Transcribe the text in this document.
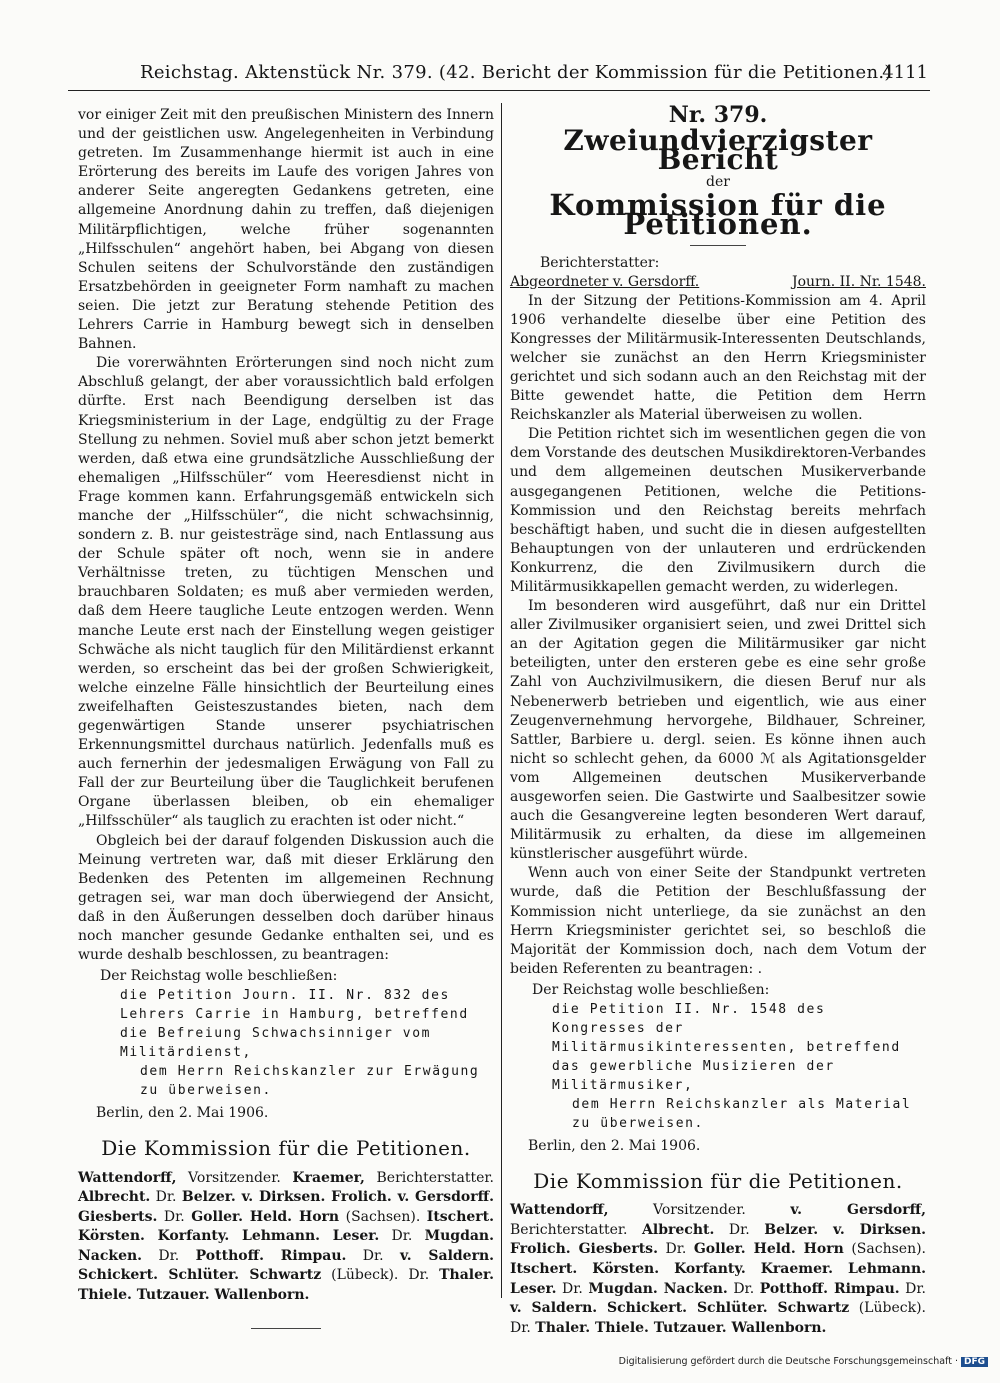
Reichstag. Aktenstück Nr. 379. (42. Bericht der Kommission für die Petitionen.)
4111

vor einiger Zeit mit den preußischen Ministern des Innern und der geistlichen usw. Angelegenheiten in Verbindung getreten. Im Zusammenhange hiermit ist auch in eine Erörterung des bereits im Laufe des vorigen Jahres von anderer Seite angeregten Gedankens getreten, eine allgemeine Anordnung dahin zu treffen, daß diejenigen Militärpflichtigen, welche früher sogenannten „Hilfsschulen“ angehört haben, bei Abgang von diesen Schulen seitens der Schulvorstände den zuständigen Ersatzbehörden in geeigneter Form namhaft zu machen seien. Die jetzt zur Beratung stehende Petition des Lehrers Carrie in Hamburg bewegt sich in denselben Bahnen.

Die vorerwähnten Erörterungen sind noch nicht zum Abschluß gelangt, der aber voraussichtlich bald erfolgen dürfte. Erst nach Beendigung derselben ist das Kriegsministerium in der Lage, endgültig zu der Frage Stellung zu nehmen. Soviel muß aber schon jetzt bemerkt werden, daß etwa eine grundsätzliche Ausschließung der ehemaligen „Hilfsschüler“ vom Heeresdienst nicht in Frage kommen kann. Erfahrungsgemäß entwickeln sich manche der „Hilfsschüler“, die nicht schwachsinnig, sondern z. B. nur geistesträge sind, nach Entlassung aus der Schule später oft noch, wenn sie in andere Verhältnisse treten, zu tüchtigen Menschen und brauchbaren Soldaten; es muß aber vermieden werden, daß dem Heere taugliche Leute entzogen werden. Wenn manche Leute erst nach der Einstellung wegen geistiger Schwäche als nicht tauglich für den Militärdienst erkannt werden, so erscheint das bei der großen Schwierigkeit, welche einzelne Fälle hinsichtlich der Beurteilung eines zweifelhaften Geisteszustandes bieten, nach dem gegenwärtigen Stande unserer psychiatrischen Erkennungsmittel durchaus natürlich. Jedenfalls muß es auch fernerhin der jedesmaligen Erwägung von Fall zu Fall der zur Beurteilung über die Tauglichkeit berufenen Organe überlassen bleiben, ob ein ehemaliger „Hilfsschüler“ als tauglich zu erachten ist oder nicht.“

Obgleich bei der darauf folgenden Diskussion auch die Meinung vertreten war, daß mit dieser Erklärung den Bedenken des Petenten im allgemeinen Rechnung getragen sei, war man doch überwiegend der Ansicht, daß in den Äußerungen desselben doch darüber hinaus noch mancher gesunde Gedanke enthalten sei, und es wurde deshalb beschlossen, zu beantragen:

Der Reichstag wolle beschließen:
die Petition Journ. II. Nr. 832 des Lehrers Carrie in Hamburg, betreffend die Befreiung Schwachsinniger vom Militärdienst,
dem Herrn Reichskanzler zur Erwägung zu überweisen.

Berlin, den 2. Mai 1906.

Die Kommission für die Petitionen.
Wattendorff, Vorsitzender. Kraemer, Berichterstatter. Albrecht. Dr. Belzer. v. Dirksen. Frolich. v. Gersdorff. Giesberts. Dr. Goller. Held. Horn (Sachsen). Itschert. Körsten. Korfanty. Lehmann. Leser. Dr. Mugdan. Nacken. Dr. Potthoff. Rimpau. Dr. v. Saldern. Schickert. Schlüter. Schwartz (Lübeck). Dr. Thaler. Thiele. Tutzauer. Wallenborn.
Nr. 379.
Zweiundvierzigster Bericht
der
Kommission für die Petitionen.
Berichterstatter:
Abgeordneter v. Gersdorff.	Journ. II. Nr. 1548.

In der Sitzung der Petitions-Kommission am 4. April 1906 verhandelte dieselbe über eine Petition des Kongresses der Militärmusik-Interessenten Deutschlands, welcher sie zunächst an den Herrn Kriegsminister gerichtet und sich sodann auch an den Reichstag mit der Bitte gewendet hatte, die Petition dem Herrn Reichskanzler als Material überweisen zu wollen.

Die Petition richtet sich im wesentlichen gegen die von dem Vorstande des deutschen Musikdirektoren-Verbandes und dem allgemeinen deutschen Musikerverbande ausgegangenen Petitionen, welche die Petitions-Kommission und den Reichstag bereits mehrfach beschäftigt haben, und sucht die in diesen aufgestellten Behauptungen von der unlauteren und erdrückenden Konkurrenz, die den Zivilmusikern durch die Militärmusikkapellen gemacht werden, zu widerlegen.

Im besonderen wird ausgeführt, daß nur ein Drittel aller Zivilmusiker organisiert seien, und zwei Drittel sich an der Agitation gegen die Militärmusiker gar nicht beteiligten, unter den ersteren gebe es eine sehr große Zahl von Auchzivilmusikern, die diesen Beruf nur als Nebenerwerb betrieben und eigentlich, wie aus einer Zeugenvernehmung hervorgehe, Bildhauer, Schreiner, Sattler, Barbiere u. dergl. seien. Es könne ihnen auch nicht so schlecht gehen, da 6000 ℳ als Agitationsgelder vom Allgemeinen deutschen Musikerverbande ausgeworfen seien. Die Gastwirte und Saalbesitzer sowie auch die Gesangvereine legten besonderen Wert darauf, Militärmusik zu erhalten, da diese im allgemeinen künstlerischer ausgeführt würde.

Wenn auch von einer Seite der Standpunkt vertreten wurde, daß die Petition der Beschlußfassung der Kommission nicht unterliege, da sie zunächst an den Herrn Kriegsminister gerichtet sei, so beschloß die Majorität der Kommission doch, nach dem Votum der beiden Referenten zu beantragen: .

Der Reichstag wolle beschließen:
die Petition II. Nr. 1548 des Kongresses der Militärmusikinteressenten, betreffend das gewerbliche Musizieren der Militärmusiker,
dem Herrn Reichskanzler als Material zu überweisen.

Berlin, den 2. Mai 1906.

Die Kommission für die Petitionen.
Wattendorff, Vorsitzender. v. Gersdorff, Berichterstatter. Albrecht. Dr. Belzer. v. Dirksen. Frolich. Giesberts. Dr. Goller. Held. Horn (Sachsen). Itschert. Körsten. Korfanty. Kraemer. Lehmann. Leser. Dr. Mugdan. Nacken. Dr. Potthoff. Rimpau. Dr. v. Saldern. Schickert. Schlüter. Schwartz (Lübeck). Dr. Thaler. Thiele. Tutzauer. Wallenborn.
Digitalisierung gefördert durch die Deutsche Forschungsgemeinschaft · DFG
